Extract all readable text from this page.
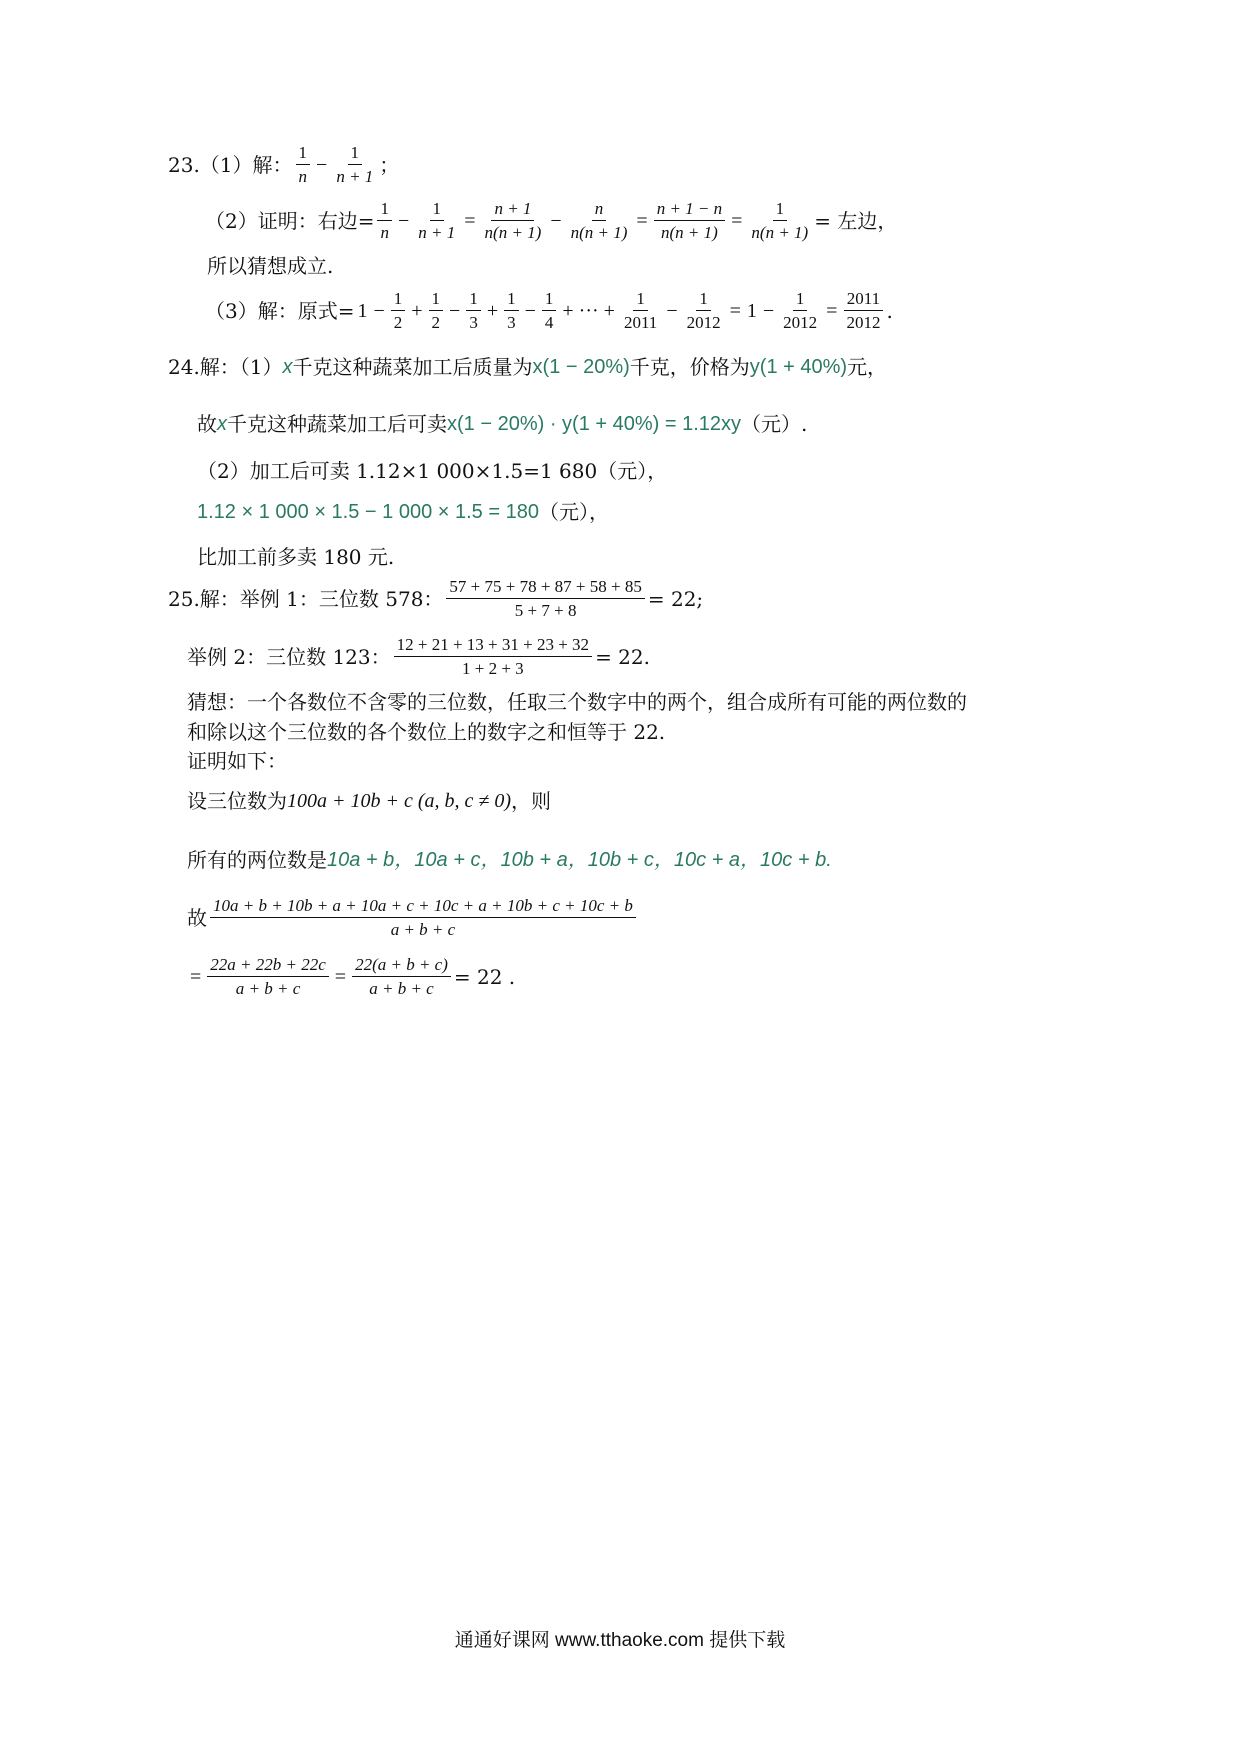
23.（1）解： $\frac{1}{n} - \frac{1}{n + 1}$ ；
（2）证明：右边= $\frac{1}{n} - \frac{1}{n + 1} = \frac{n + 1}{n(n + 1)} - \frac{n}{n(n + 1)} = \frac{n + 1 - n}{n(n + 1)} = \frac{1}{n(n + 1)}$ = 左边，
所以猜想成立.
（3）解：原式= $1 - \frac{1}{2} + \frac{1}{2} - \frac{1}{3} + \frac{1}{3} - \frac{1}{4}$ + ··· + $\frac{1}{2011} - \frac{1}{2012} = 1 - \frac{1}{2012} = \frac{2011}{2012}$ .
24.解：（1） x 千克这种蔬菜加工后质量为 x(1 − 20%) 千克，价格为 y(1 + 40%) 元，
故 x 千克这种蔬菜加工后可卖 x(1 − 20%) · y(1 + 40%) = 1.12xy （元）.
（2）加工后可卖 1.12×1 000×1.5=1 680（元），
1.12 × 1 000 × 1.5 − 1 000 × 1.5 = 180 （元），
比加工前多卖 180 元.
25.解：举例 1：三位数 578： $\frac{57 + 75 + 78 + 87 + 58 + 85}{5 + 7 + 8} = 22$;
举例 2：三位数 123： $\frac{12 + 21 + 13 + 31 + 23 + 32}{1 + 2 + 3} = 22$.
猜想：一个各数位不含零的三位数，任取三个数字中的两个，组合成所有可能的两位数的
和除以这个三位数的各个数位上的数字之和恒等于 22.
证明如下：
设三位数为 100a + 10b + c (a, b, c ≠ 0) ，则
所有的两位数是 10a + b，10a + c，10b + a，10b + c，10c + a，10c + b.
故 $\frac{10a + b + 10b + a + 10a + c + 10c + a + 10b + c + 10c + b}{a + b + c}$
= $\frac{22a + 22b + 22c}{a + b + c} = \frac{22(a + b + c)}{a + b + c} = 22$ .
通通好课网 www.tthaoke.com 提供下载
